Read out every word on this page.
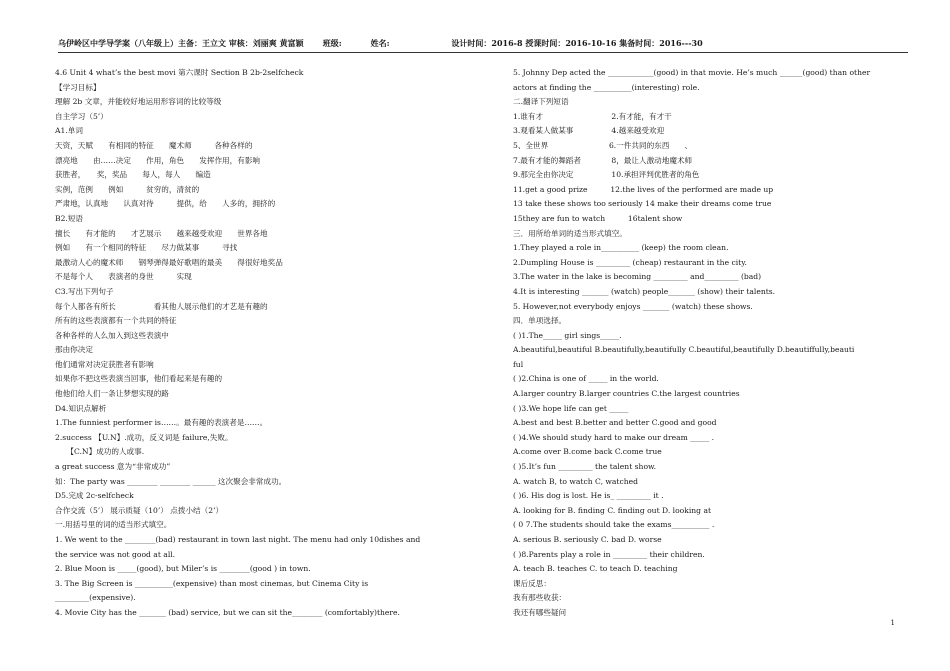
乌伊岭区中学导学案（八年级上）主备：王立文 审核：刘丽爽 黄富颖 班级:	姓名:	设计时间：2016-8 授课时间：2016-10-16 集备时间：2016---30
4.6 Unit 4 what’s the best movi 第六课时 Section B 2b-2selfcheck
【学习目标】
理解 2b 文章，并能较好地运用形容词的比较等级
自主学习（5’）
A1.单词
天资，天赋　　有相同的特征　　魔术师　　　各种各样的
漂亮地　　由……决定　　作用，角色　　发挥作用，有影响
获胜者，　　奖，奖品　　每人，每人　　编造
实例，范例　　例如　　　贫穷的，清贫的
严肃地，认真地　　认真对待　　　提供，给　　人多的，拥挤的
B2.短语
擅长　　有才能的　　才艺展示　　越来越受欢迎　　世界各地
例如　　有一个相同的特征　　尽力做某事　　　寻找
最激动人心的魔术师　　钢琴弹得最好歌唱的最美　　得很好地奖品
不是每个人　　表演者的身世　　　实现
C3.写出下列句子
每个人都各有所长　　　　　看其他人展示他们的才艺是有趣的
所有的这些表演都有一个共同的特征
各种各样的人么加入到这些表演中
那由你决定
他们通常对决定获胜者有影响
如果你不把这些表演当回事，他们看起来是有趣的
他他们给人们一条让梦想实现的路
D4.知识点解析
1.The funniest performer is……。最有趣的表演者是……。
2.success 【U.N】.成功，反义词是 failure,失败。
　　【C.N】成功的人或事.
a great success 意为“非常成功”
如：The party was ________ ________ ______ 这次聚会非常成功。
D5.完成 2c-selfcheck
合作交流（5’） 展示质疑（10’） 点拨小结（2’）
一.用括号里的词的适当形式填空。
1. We went to the ________(bad) restaurant in town last night. The menu had only 10dishes and
the service was not good at all.
2. Blue Moon is _____(good), but Miler’s is ________(good ) in town.
3. The Big Screen is __________(expensive) than most cinemas, but Cinema City is
_________(expensive).
4. Movie City has the _______ (bad) service, but we can sit the________ (comfortably)there.
5. Johnny Dep acted the ____________(good) in that movie. He’s much ______(good) than other
actors at finding the __________(interesting) role.
二.翻译下列短语
1.谁有才　　　　　　　　　2.有才能，有才干
3.观看某人做某事　　　　　4.越来越受欢迎
5、全世界　　　　　　　　6.一件共同的东西　　、
7.最有才能的舞蹈者　　　　8，最让人激动地魔术师
9.那完全由你决定　　　　　10.承担评判优胜者的角色
11.get a good prize　　　12.the lives of the performed are made up
13 take these shows too seriously 14 make their dreams come true
15they are fun to watch　　　16talent show
三．用所给单词的适当形式填空。
1.They played a role in__________ (keep) the room clean.
2.Dumpling House is _________ (cheap) restaurant in the city.
3.The water in the lake is becoming _________ and_________ (bad)
4.It is interesting _______ (watch) people_______ (show) their talents.
5. However,not everybody enjoys _______ (watch) these shows.
四．单项选择。
( )1.The_____ girl sings_____.
A.beautiful,beautiful B.beautifully,beautifully C.beautiful,beautifully D.beautiffully,beauti
ful
( )2.China is one of _____ in the world.
A.larger country B.larger countries C.the largest countries
( )3.We hope life can get _____
A.best and best B.better and better C.good and good
( )4.We should study hard to make our dream _____ .
A.come over B.come back C.come true
( )5.It’s fun _________ the talent show.
A. watch B, to watch C, watched
( )6. His dog is lost. He is_ _________ it .
A. looking for B. finding C. finding out D. looking at
( 0 7.The students should take the exams__________ .
A. serious B. seriously C. bad D. worse
( )8.Parents play a role in _________ their children.
A. teach B. teaches C. to teach D. teaching
课后反思：
我有那些收获：
我还有哪些疑问
1
